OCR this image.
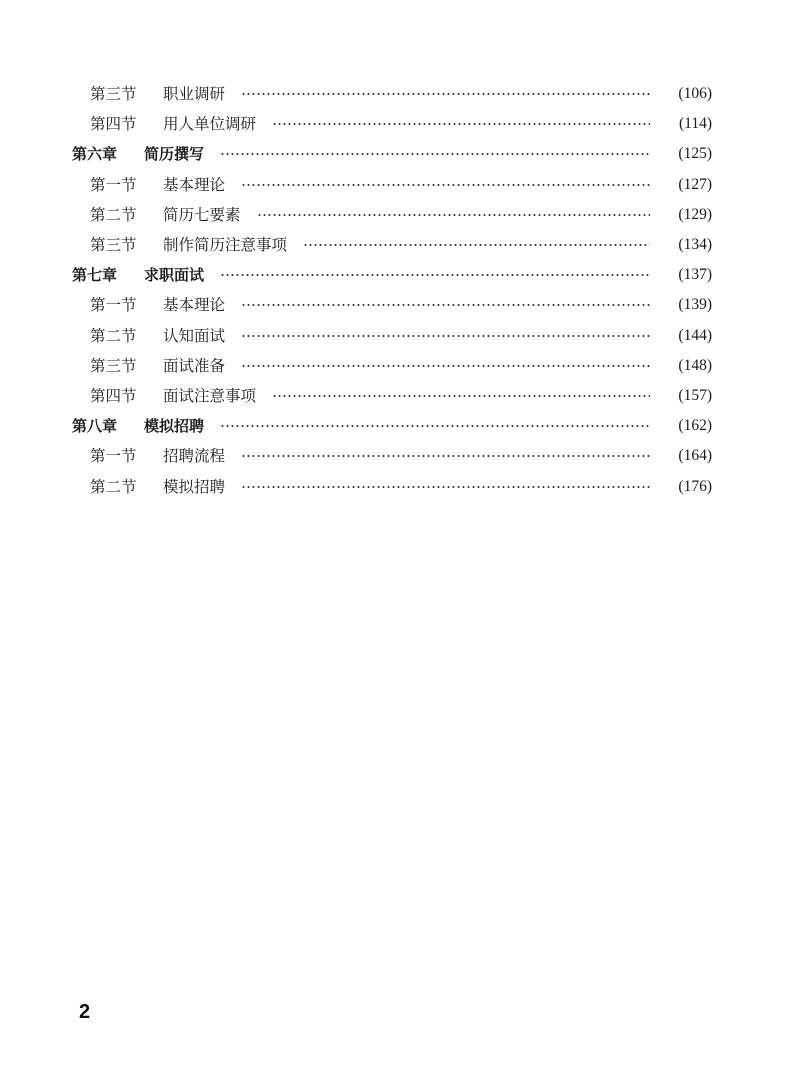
第三节	职业调研	(106)
第四节	用人单位调研	(114)
第六章	简历撰写	(125)
第一节	基本理论	(127)
第二节	简历七要素	(129)
第三节	制作简历注意事项	(134)
第七章	求职面试	(137)
第一节	基本理论	(139)
第二节	认知面试	(144)
第三节	面试准备	(148)
第四节	面试注意事项	(157)
第八章	模拟招聘	(162)
第一节	招聘流程	(164)
第二节	模拟招聘	(176)
2
